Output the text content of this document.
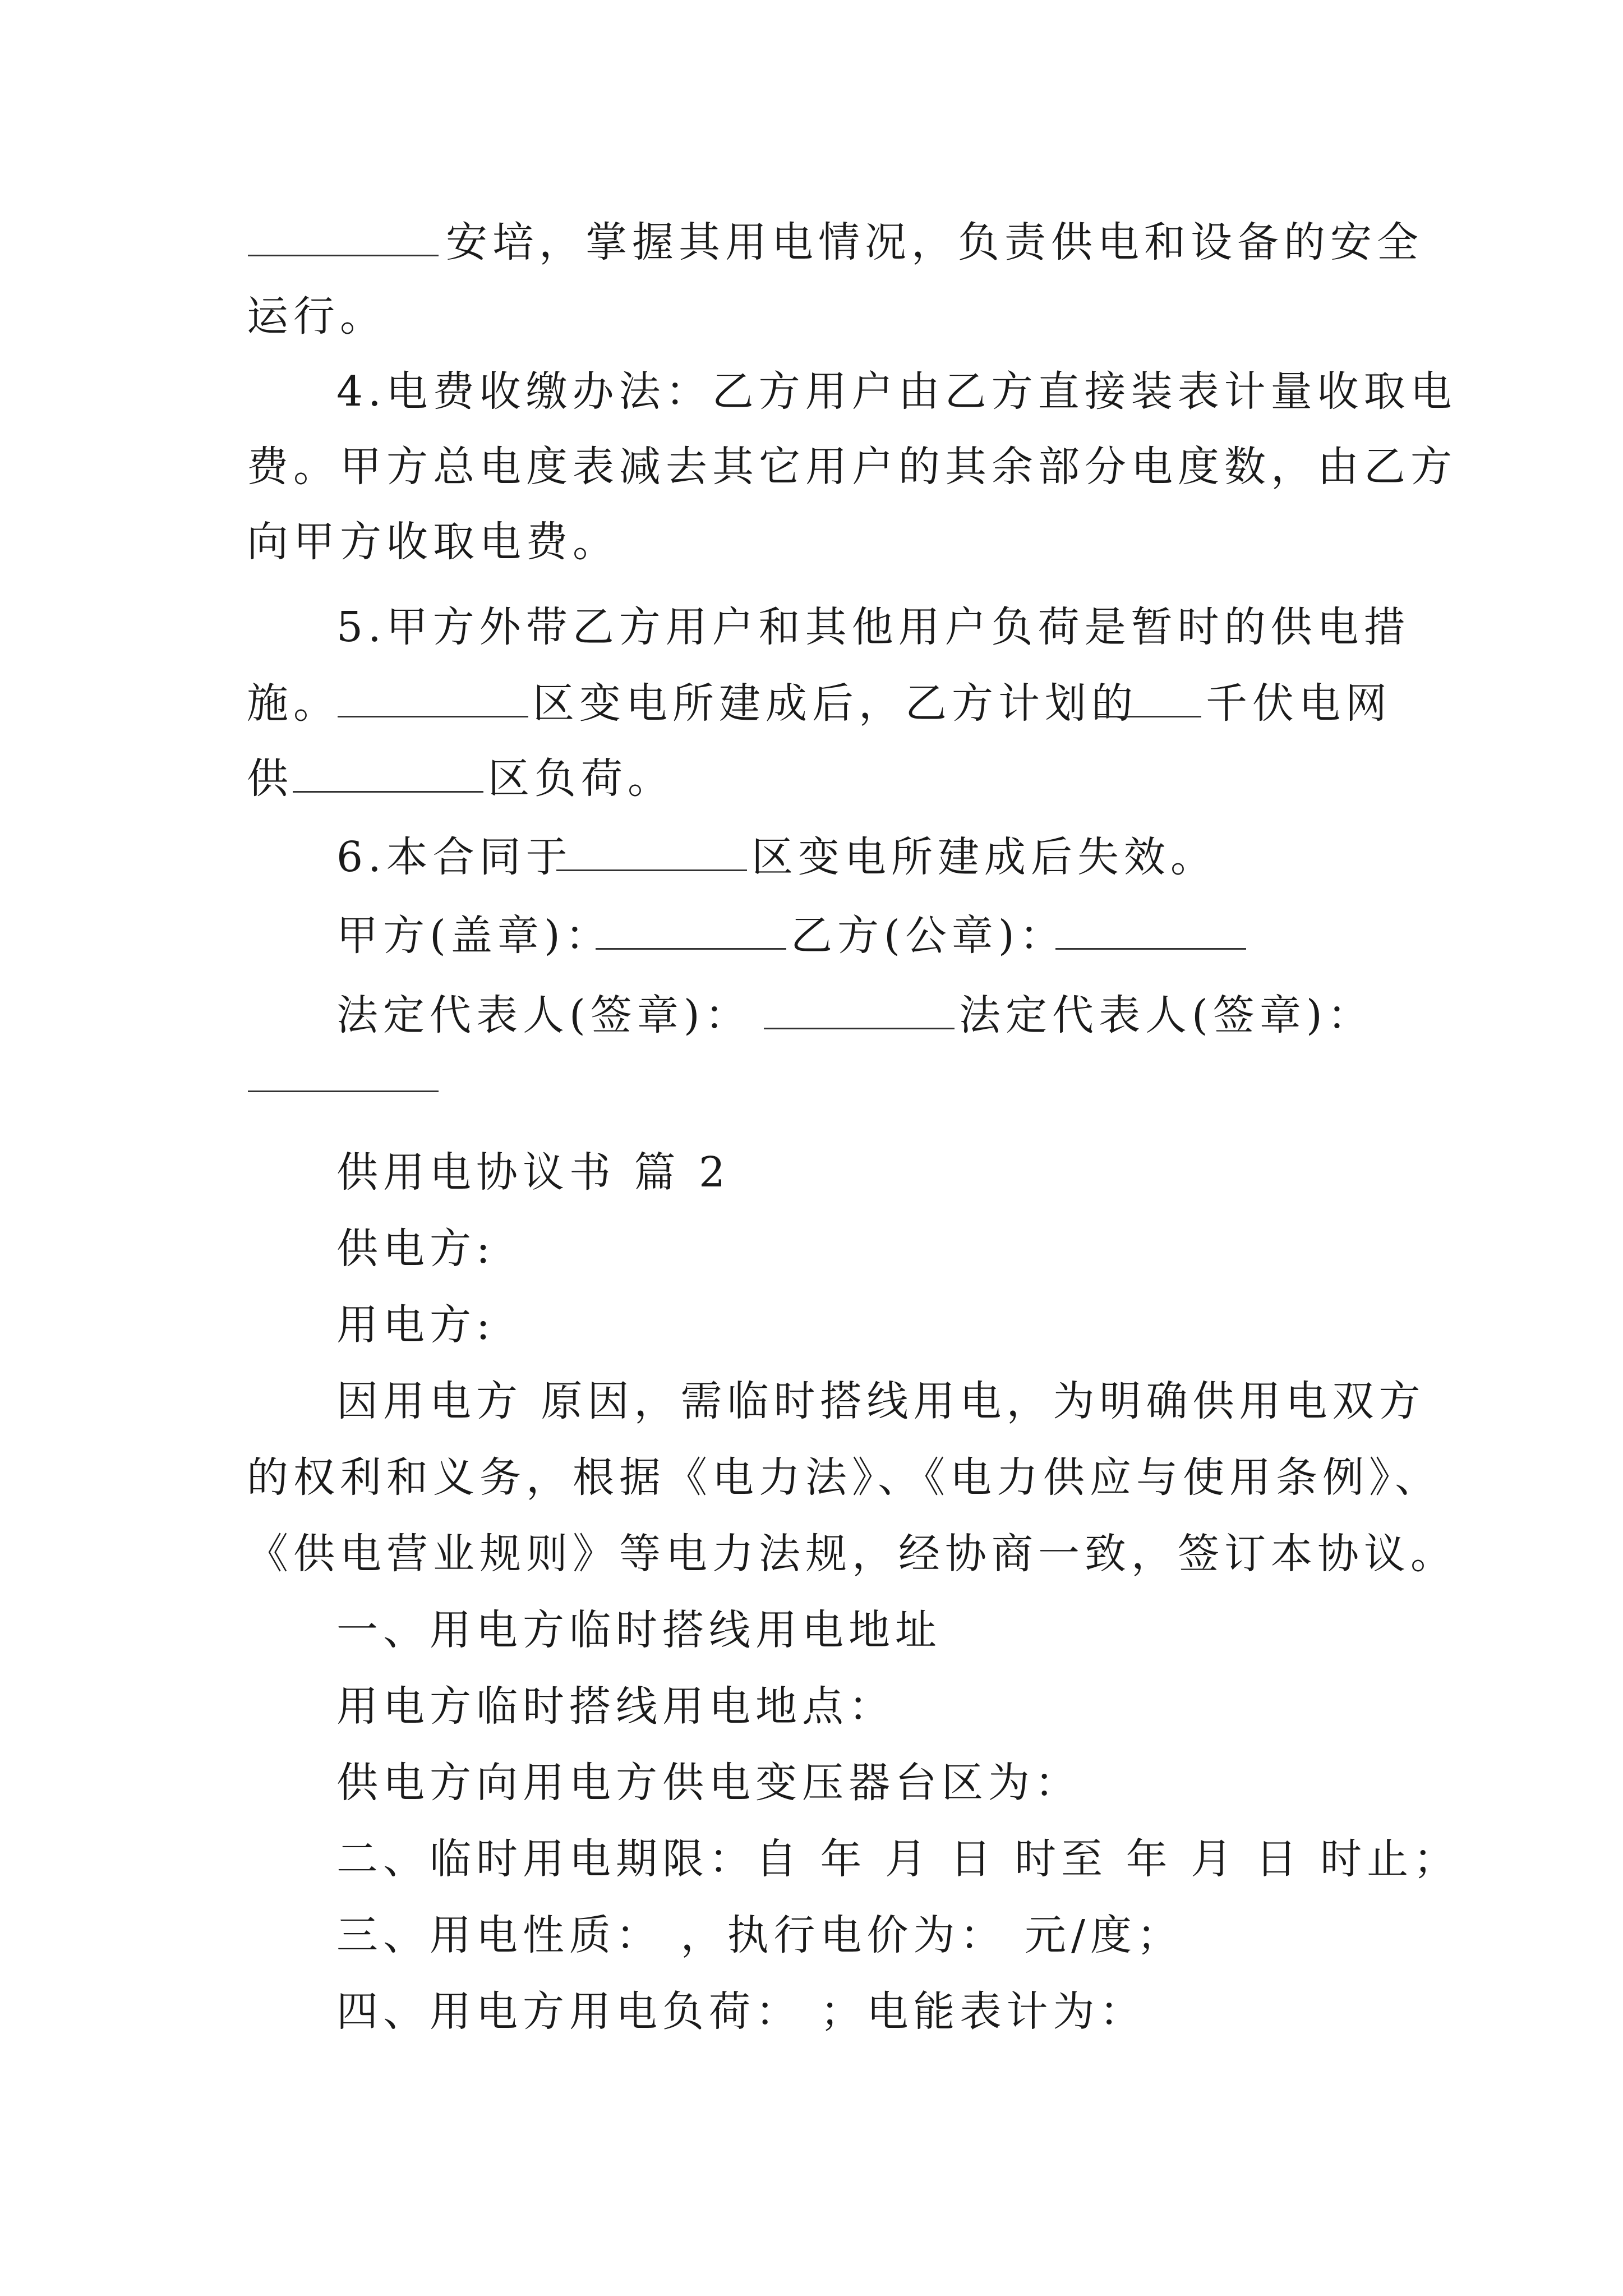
安培，掌握其用电情况，负责供电和设备的安全
运行。
4.电费收缴办法：乙方用户由乙方直接装表计量收取电
费。甲方总电度表减去其它用户的其余部分电度数，由乙方
向甲方收取电费。
5.甲方外带乙方用户和其他用户负荷是暂时的供电措
施。	区变电所建成后，乙方计划的 千伏电网
供	区负荷。
6.本合同于	区变电所建成后失效。
甲方(盖章)：	乙方(公章)：
法定代表人(签章)：	法定代表人(签章)：
供用电协议书 篇 2
供电方:
用电方:
因用电方 原因，需临时搭线用电，为明确供用电双方
的权利和义务，根据《电力法》、《电力供应与使用条例》、
《供电营业规则》等电力法规，经协商一致，签订本协议。
一、用电方临时搭线用电地址
用电方临时搭线用电地点：
供电方向用电方供电变压器台区为：
二、临时用电期限：自 年 月 日 时至 年 月 日 时止；
三、用电性质： ，执行电价为： 元/度；
四、用电方用电负荷： ；电能表计为：
